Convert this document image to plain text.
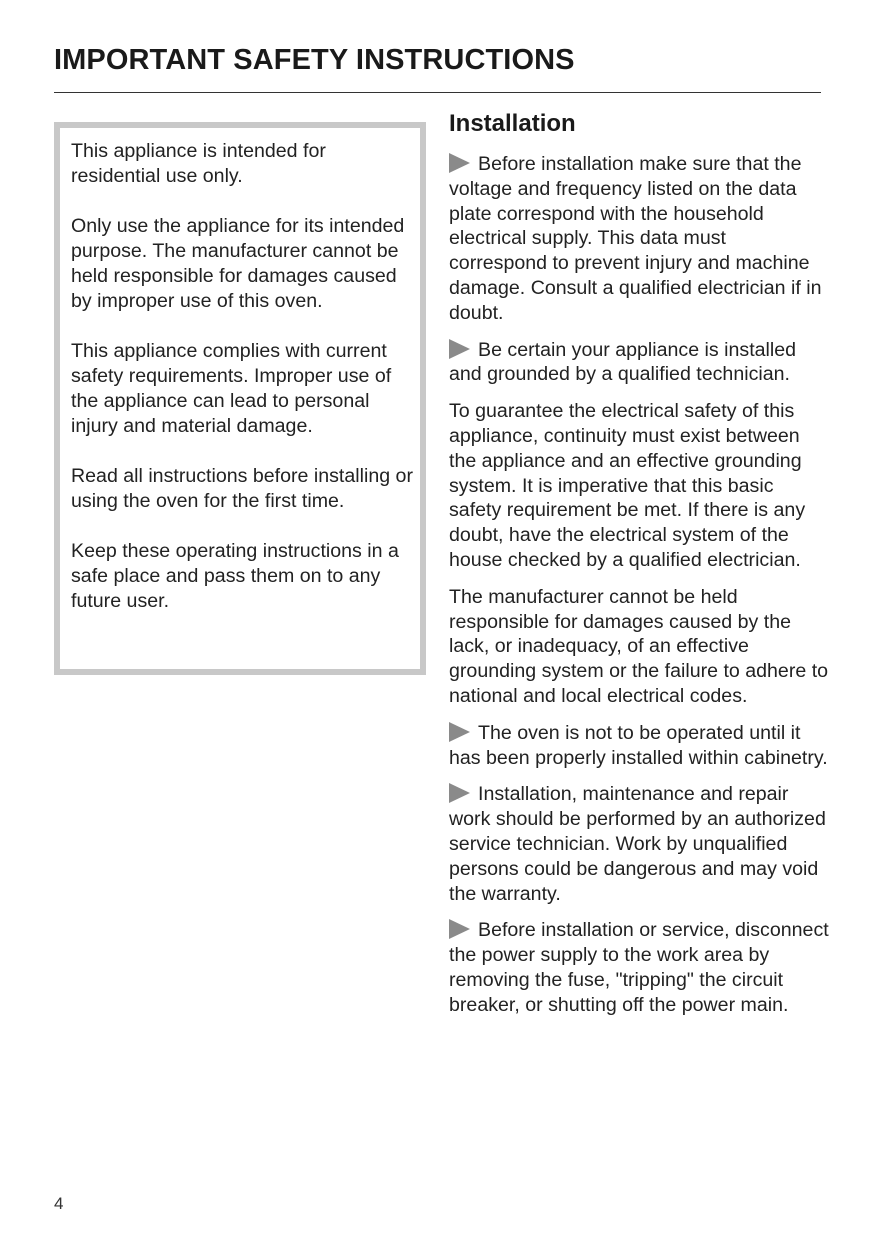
IMPORTANT SAFETY INSTRUCTIONS

This appliance is intended for residential use only.

Only use the appliance for its intended purpose. The manufacturer cannot be held responsible for damages caused by improper use of this oven.

This appliance complies with current safety requirements. Improper use of the appliance can lead to personal injury and material damage.

Read all instructions before installing or using the oven for the first time.

Keep these operating instructions in a safe place and pass them on to any future user.

Installation

Before installation make sure that the voltage and frequency listed on the data plate correspond with the household electrical supply. This data must correspond to prevent injury and machine damage. Consult a qualified electrician if in doubt.

Be certain your appliance is installed and grounded by a qualified technician.

To guarantee the electrical safety of this appliance, continuity must exist between the appliance and an effective grounding system. It is imperative that this basic safety requirement be met. If there is any doubt, have the electrical system of the house checked by a qualified electrician.

The manufacturer cannot be held responsible for damages caused by the lack, or inadequacy, of an effective grounding system or the failure to adhere to national and local electrical codes.

The oven is not to be operated until it has been properly installed within cabinetry.

Installation, maintenance and repair work should be performed by an authorized service technician. Work by unqualified persons could be dangerous and may void the warranty.

Before installation or service, disconnect the power supply to the work area by removing the fuse, "tripping" the circuit breaker, or shutting off the power main.

4
